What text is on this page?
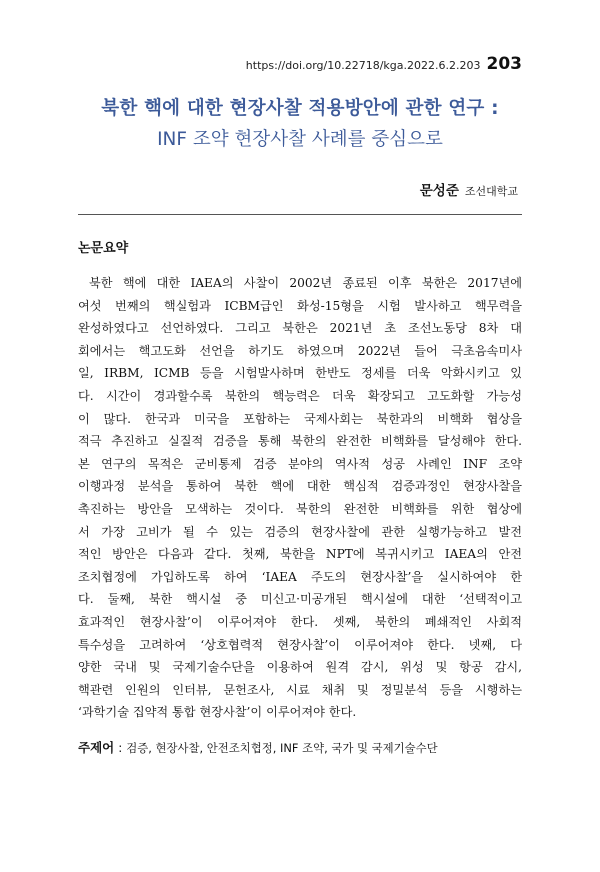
https://doi.org/10.22718/kga.2022.6.2.203 203
북한 핵에 대한 현장사찰 적용방안에 관한 연구 :
INF 조약 현장사찰 사례를 중심으로
문성준 조선대학교
논문요약
북한 핵에 대한 IAEA의 사찰이 2002년 종료된 이후 북한은 2017년에
여섯 번째의 핵실험과 ICBM급인 화성-15형을 시험 발사하고 핵무력을
완성하였다고 선언하였다. 그리고 북한은 2021년 초 조선노동당 8차 대
회에서는 핵고도화 선언을 하기도 하였으며 2022년 들어 극초음속미사
일, IRBM, ICMB 등을 시험발사하며 한반도 정세를 더욱 악화시키고 있
다. 시간이 경과할수록 북한의 핵능력은 더욱 확장되고 고도화할 가능성
이 많다. 한국과 미국을 포함하는 국제사회는 북한과의 비핵화 협상을
적극 추진하고 실질적 검증을 통해 북한의 완전한 비핵화를 달성해야 한다.
본 연구의 목적은 군비통제 검증 분야의 역사적 성공 사례인 INF 조약
이행과정 분석을 통하여 북한 핵에 대한 핵심적 검증과정인 현장사찰을
촉진하는 방안을 모색하는 것이다. 북한의 완전한 비핵화를 위한 협상에
서 가장 고비가 될 수 있는 검증의 현장사찰에 관한 실행가능하고 발전
적인 방안은 다음과 같다. 첫째, 북한을 NPT에 복귀시키고 IAEA의 안전
조치협정에 가입하도록 하여 ‘IAEA 주도의 현장사찰’을 실시하여야 한
다. 둘째, 북한 핵시설 중 미신고·미공개된 핵시설에 대한 ‘선택적이고
효과적인 현장사찰’이 이루어져야 한다. 셋째, 북한의 폐쇄적인 사회적
특수성을 고려하여 ‘상호협력적 현장사찰’이 이루어져야 한다. 넷째, 다
양한 국내 및 국제기술수단을 이용하여 원격 감시, 위성 및 항공 감시,
핵관련 인원의 인터뷰, 문헌조사, 시료 채취 및 정밀분석 등을 시행하는
‘과학기술 집약적 통합 현장사찰’이 이루어져야 한다.
주제어 : 검증, 현장사찰, 안전조치협정, INF 조약, 국가 및 국제기술수단
